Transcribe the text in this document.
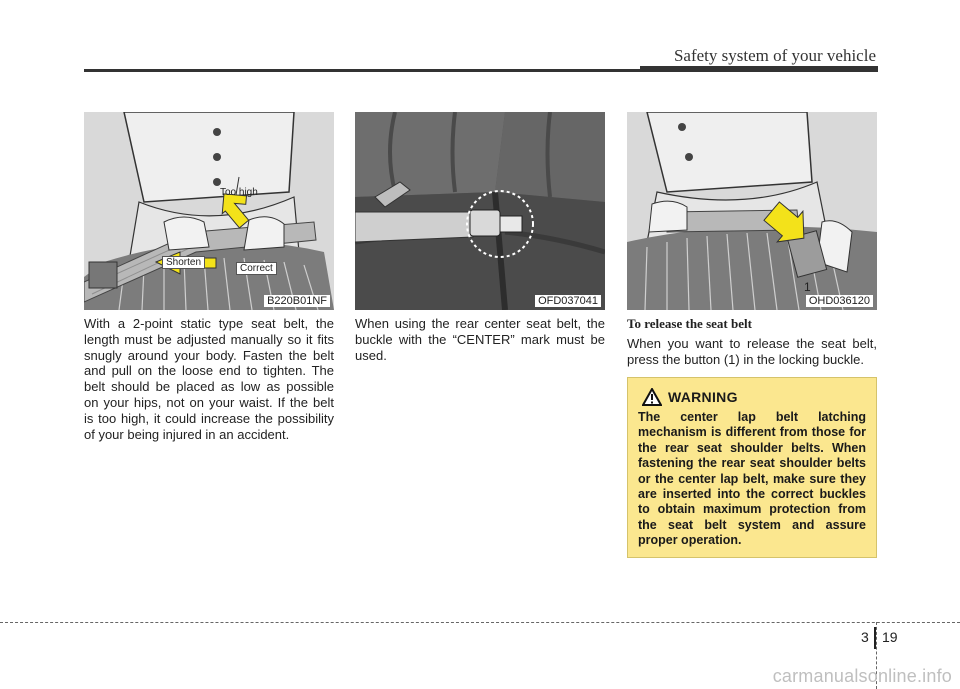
Safety system of your vehicle
Too high
Shorten
Correct
B220B01NF	OFD037041
1
OHD036120
With a 2-point static type seat belt, the length must be adjusted manually so it fits snugly around your body. Fasten the belt and pull on the loose end to tighten. The belt should be placed as low as possible on your hips, not on your waist. If the belt is too high, it could increase the possibility of your being injured in an accident.
When using the rear center seat belt, the buckle with the “CENTER” mark must be used.
To release the seat belt
When you want to release the seat belt, press the button (1) in the locking buckle.
WARNING
The center lap belt latching mechanism is different from those for the rear seat shoulder belts. When fastening the rear seat shoulder belts or the center lap belt, make sure they are inserted into the correct buckles to obtain maximum protection from the seat belt system and assure proper operation.
3 19
carmanualsonline.info
